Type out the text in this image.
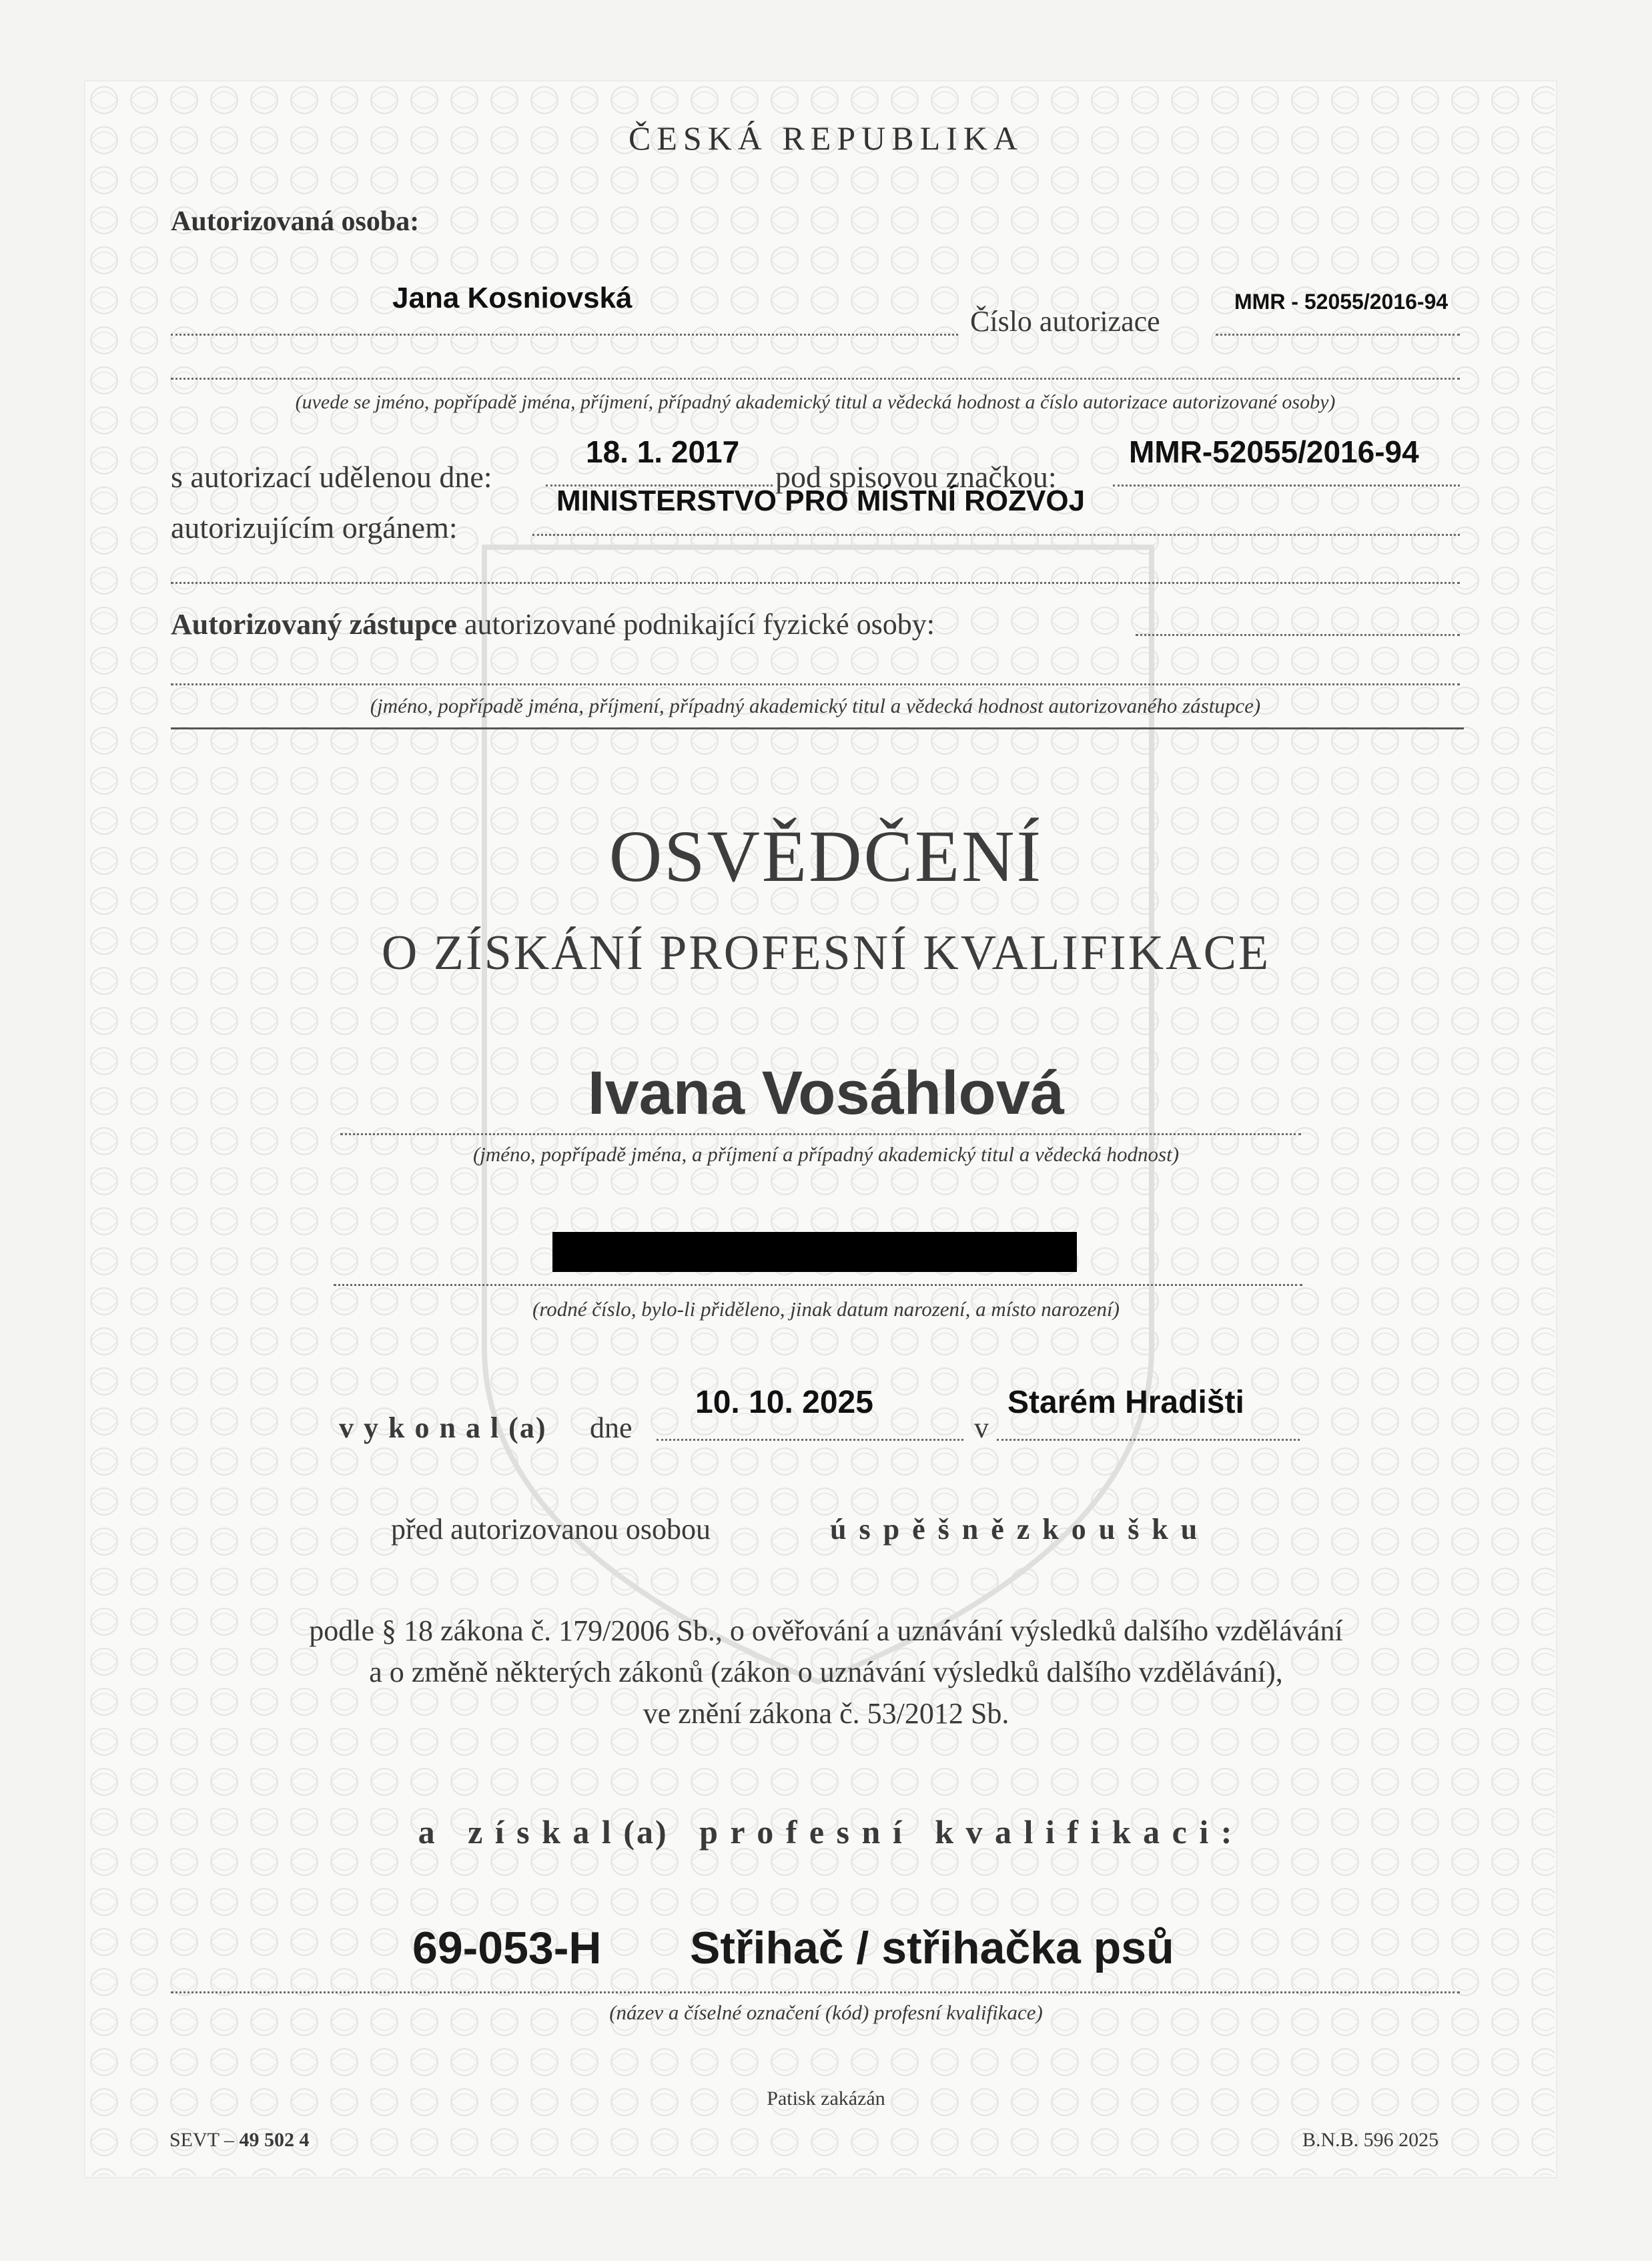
ČESKÁ REPUBLIKA
Autorizovaná osoba:
Jana Kosniovská
Číslo autorizace
MMR - 52055/2016-94
(uvede se jméno, popřípadě jména, příjmení, případný akademický titul a vědecká hodnost a číslo autorizace autorizované osoby)
s autorizací udělenou dne:
18. 1. 2017
pod spisovou značkou:
MMR-52055/2016-94
autorizujícím orgánem:
MINISTERSTVO PRO MÍSTNÍ ROZVOJ
Autorizovaný zástupce autorizované podnikající fyzické osoby:
(jméno, popřípadě jména, příjmení, případný akademický titul a vědecká hodnost autorizovaného zástupce)
OSVĚDČENÍ
O ZÍSKÁNÍ PROFESNÍ KVALIFIKACE
Ivana Vosáhlová
(jméno, popřípadě jména, a příjmení a případný akademický titul a vědecká hodnost)
(rodné číslo, bylo-li přiděleno, jinak datum narození, a místo narození)
v y k o n a l (a) dne
10. 10. 2025
v
Starém Hradišti
před autorizovanou osobou	ú s p ě š n ě z k o u š k u
podle § 18 zákona č. 179/2006 Sb., o ověřování a uznávání výsledků dalšího vzdělávání
a o změně některých zákonů (zákon o uznávání výsledků dalšího vzdělávání),
ve znění zákona č. 53/2012 Sb.
a   z í s k a l (a)   p r o f e s n í   k v a l i f i k a c i :
69-053-H Střihač / střihačka psů
(název a číselné označení (kód) profesní kvalifikace)
Patisk zakázán
SEVT – 49 502 4	B.N.B. 596 2025
